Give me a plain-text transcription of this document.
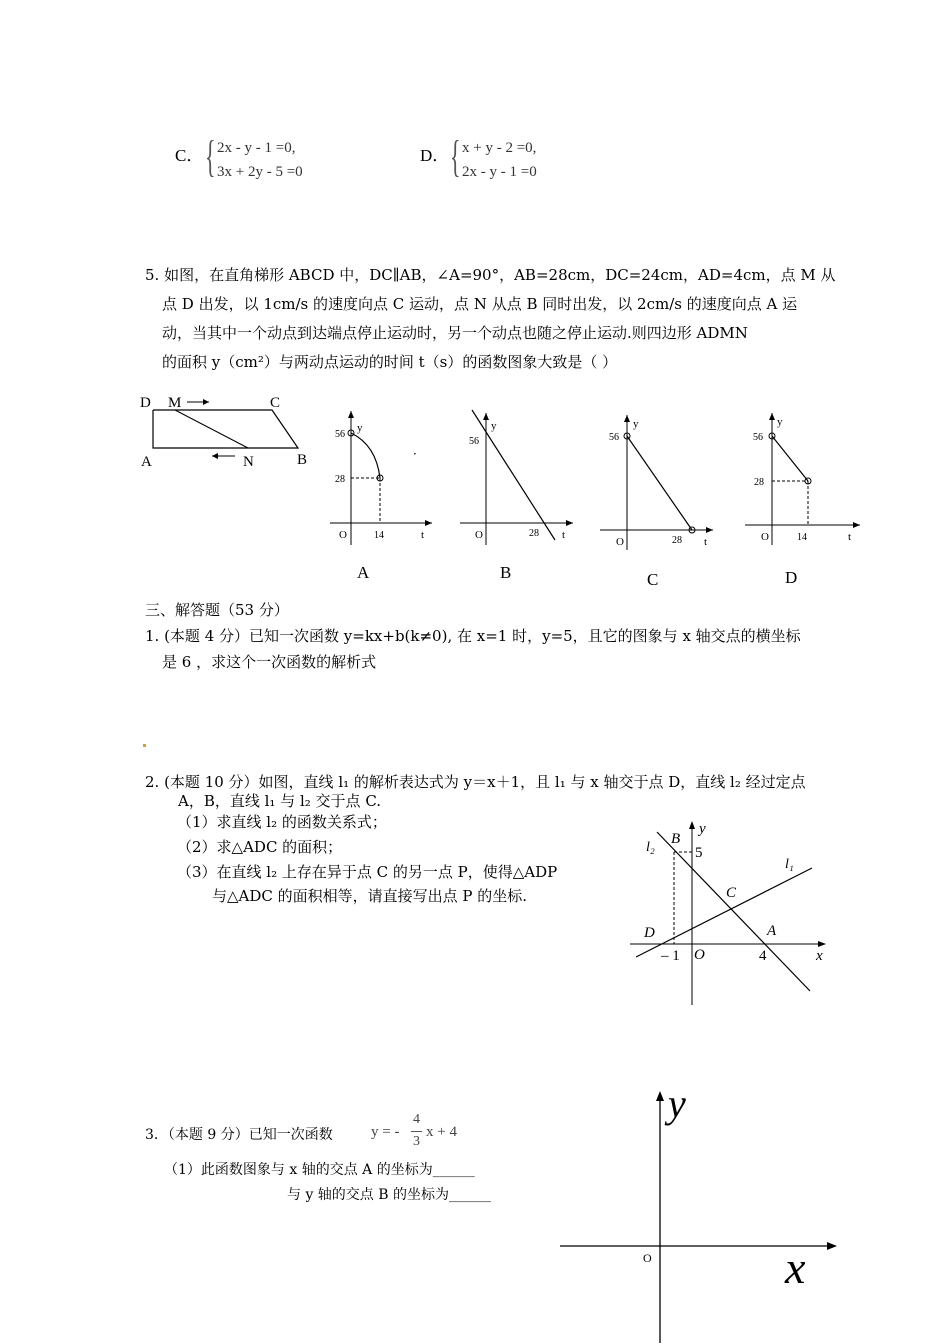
C． { 2x - y - 1 =0,
3x + 2y - 5 =0
D． { x + y - 2 =0,
2x - y - 1 =0
5. 如图，在直角梯形 ABCD 中，DC∥AB，∠A=90°，AB=28cm，DC=24cm，AD=4cm，点 M 从
点 D 出发，以 1cm/s 的速度向点 C 运动，点 N 从点 B 同时出发，以 2cm/s 的速度向点 A 运
动，当其中一个动点到达端点停止运动时，另一个动点也随之停止运动.则四边形 ADMN
的面积 y（cm²）与两动点运动的时间 t（s）的函数图象大致是（ ）
D M	C
A	N	B
y
56
28
O	14	t
A
·
y
56
O	28 t
B
y
56
O	28 t
C
y
56
28
O	14	t
D
三、解答题（53 分）
1. (本题 4 分）已知一次函数 y=kx+b(k≠0), 在 x=1 时，y=5，且它的图象与 x 轴交点的横坐标
是 6 ，求这个一次函数的解析式
2. (本题 10 分）如图，直线 l₁ 的解析表达式为 y＝x＋1，且 l₁ 与 x 轴交于点 D，直线 l₂ 经过定点
A，B，直线 l₁ 与 l₂ 交于点 C.
（1）求直线 l₂ 的函数关系式；
（2）求△ADC 的面积；
（3）在直线 l₂ 上存在异于点 C 的另一点 P，使得△ADP
与△ADC 的面积相等，请直接写出点 P 的坐标.
B
y
l₂	5
l₁
C
D	A
– 1 O	4	x
3．（本题 9 分）已知一次函数	y = -
4
3
x + 4
（1）此函数图象与 x 轴的交点 A 的坐标为______
与 y 轴的交点 B 的坐标为______
y
x
O
